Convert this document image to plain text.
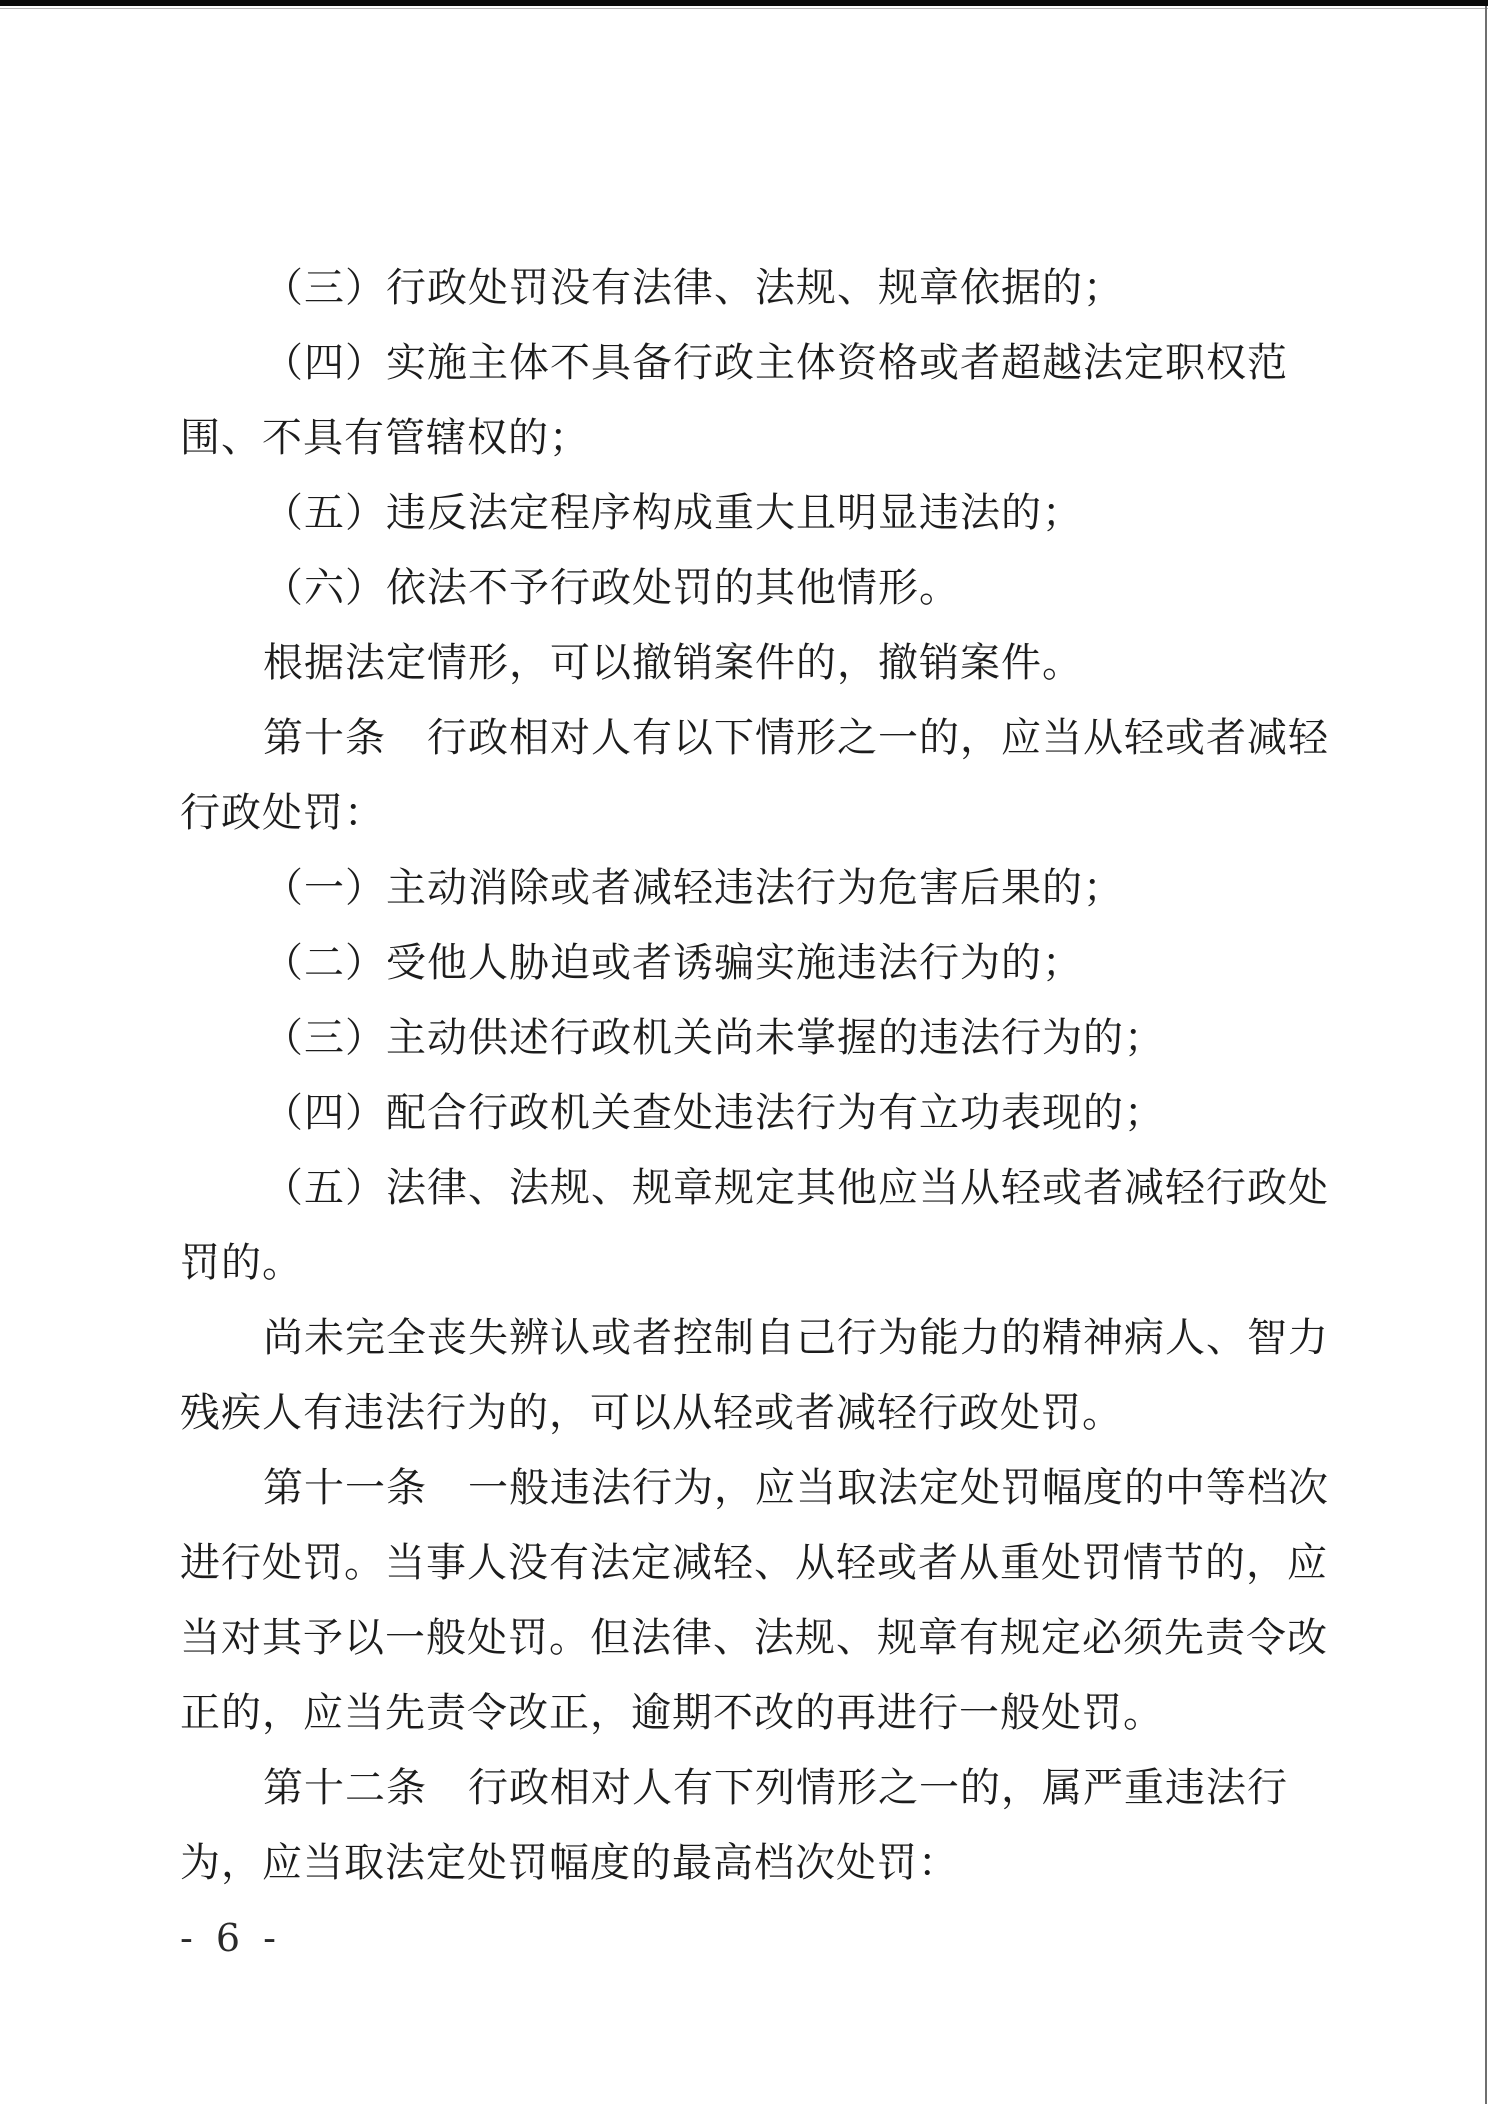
（三）行政处罚没有法律、法规、规章依据的；
（四）实施主体不具备行政主体资格或者超越法定职权范
围、不具有管辖权的；
（五）违反法定程序构成重大且明显违法的；
（六）依法不予行政处罚的其他情形。
根据法定情形，可以撤销案件的，撤销案件。
第十条　行政相对人有以下情形之一的，应当从轻或者减轻
行政处罚：
（一）主动消除或者减轻违法行为危害后果的；
（二）受他人胁迫或者诱骗实施违法行为的；
（三）主动供述行政机关尚未掌握的违法行为的；
（四）配合行政机关查处违法行为有立功表现的；
（五）法律、法规、规章规定其他应当从轻或者减轻行政处
罚的。
尚未完全丧失辨认或者控制自己行为能力的精神病人、智力
残疾人有违法行为的，可以从轻或者减轻行政处罚。
第十一条　一般违法行为，应当取法定处罚幅度的中等档次
进行处罚。当事人没有法定减轻、从轻或者从重处罚情节的，应
当对其予以一般处罚。但法律、法规、规章有规定必须先责令改
正的，应当先责令改正，逾期不改的再进行一般处罚。
第十二条　行政相对人有下列情形之一的，属严重违法行
为，应当取法定处罚幅度的最高档次处罚：
- 6 -
